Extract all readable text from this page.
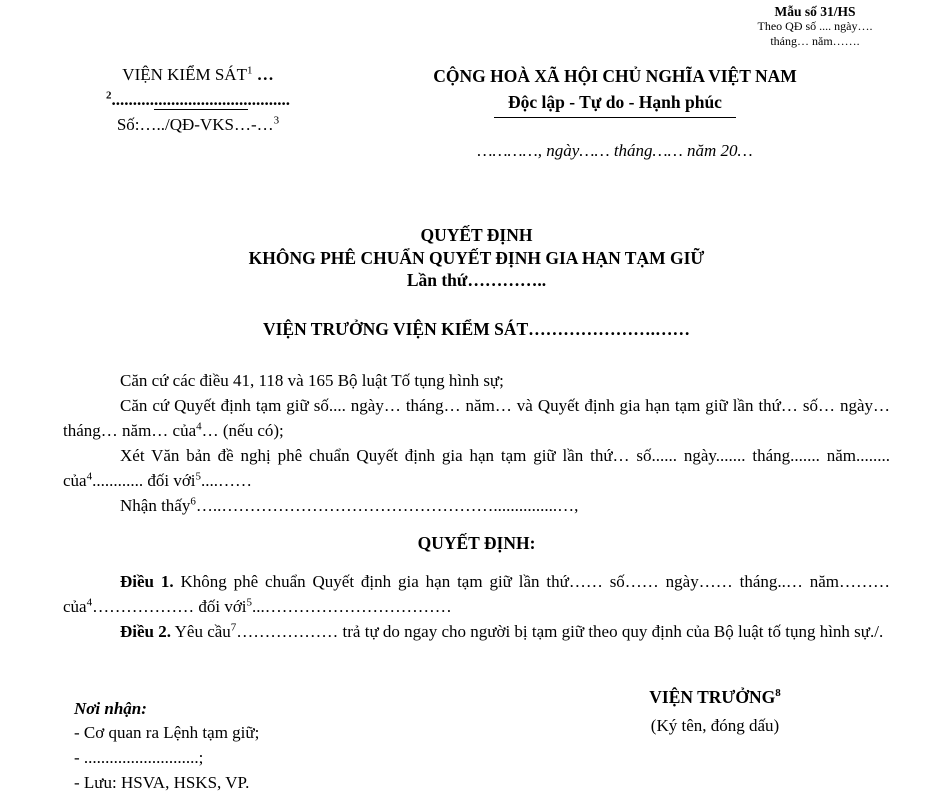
Mẫu số 31/HS
Theo QĐ số .... ngày….
tháng… năm…….
VIỆN KIỂM SÁT$^1$ …
$^2$..........................................
Số:…../QĐ-VKS…-…$^3$
CỘNG HOÀ XÃ HỘI CHỦ NGHĨA VIỆT NAM
Độc lập - Tự do - Hạnh phúc
…………, ngày…… tháng…… năm 20…
QUYẾT ĐỊNH
KHÔNG PHÊ CHUẨN QUYẾT ĐỊNH GIA HẠN TẠM GIỮ
Lần thứ…………..
VIỆN TRƯỞNG VIỆN KIỂM SÁT………………….……

Căn cứ các điều 41, 118 và 165 Bộ luật Tố tụng hình sự;

Căn cứ Quyết định tạm giữ số.... ngày… tháng… năm… và Quyết định gia hạn tạm giữ lần thứ… số… ngày… tháng… năm… của$^4$… (nếu có);

Xét Văn bản đề nghị phê chuẩn Quyết định gia hạn tạm giữ lần thứ… số...... ngày....... tháng....... năm........ của$^4$............ đối với$^5$....……

Nhận thấy$^6$…..…………………………………………...............…,

QUYẾT ĐỊNH:

Điều 1. Không phê chuẩn Quyết định gia hạn tạm giữ lần thứ…… số…… ngày…… tháng..… năm……… của$^4$……………… đối với$^5$...……………………………

Điều 2. Yêu cầu$^7$……………… trả tự do ngay cho người bị tạm giữ theo quy định của Bộ luật tố tụng hình sự./.

Nơi nhận:
- Cơ quan ra Lệnh tạm giữ;
- ...........................;
- Lưu: HSVA, HSKS, VP.
VIỆN TRƯỞNG$^8$
(Ký tên, đóng dấu)
